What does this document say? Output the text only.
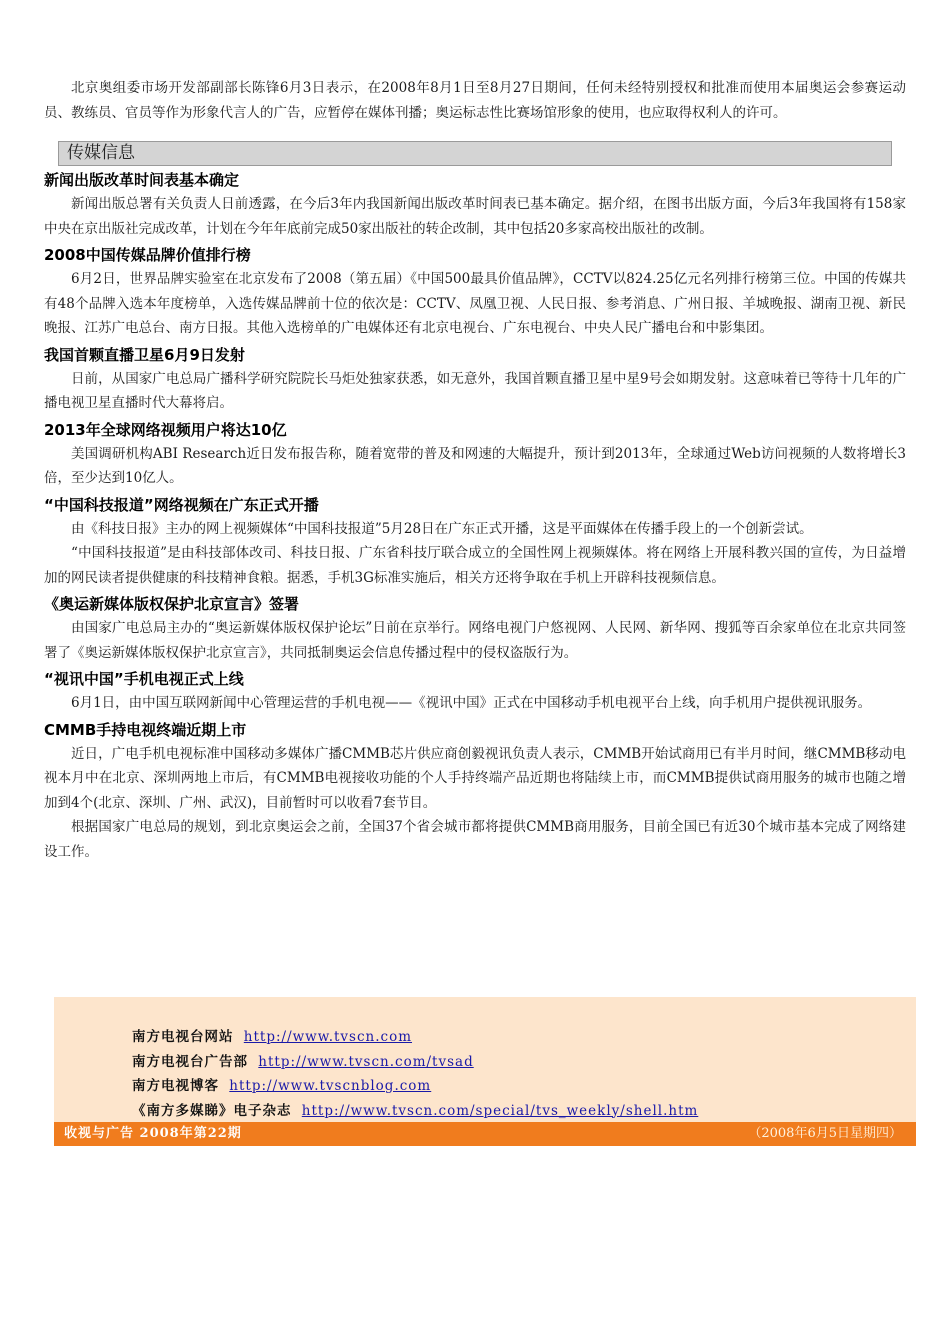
北京奥组委市场开发部副部长陈锋6月3日表示，在2008年8月1日至8月27日期间，任何未经特别授权和批准而使用本届奥运会参赛运动员、教练员、官员等作为形象代言人的广告，应暂停在媒体刊播；奥运标志性比赛场馆形象的使用，也应取得权利人的许可。

传媒信息
新闻出版改革时间表基本确定

新闻出版总署有关负责人日前透露，在今后3年内我国新闻出版改革时间表已基本确定。据介绍，在图书出版方面，今后3年我国将有158家中央在京出版社完成改革，计划在今年年底前完成50家出版社的转企改制，其中包括20多家高校出版社的改制。

2008中国传媒品牌价值排行榜

6月2日，世界品牌实验室在北京发布了2008（第五届）《中国500最具价值品牌》，CCTV以824.25亿元名列排行榜第三位。中国的传媒共有48个品牌入选本年度榜单，入选传媒品牌前十位的依次是：CCTV、凤凰卫视、人民日报、参考消息、广州日报、羊城晚报、湖南卫视、新民晚报、江苏广电总台、南方日报。其他入选榜单的广电媒体还有北京电视台、广东电视台、中央人民广播电台和中影集团。

我国首颗直播卫星6月9日发射

日前，从国家广电总局广播科学研究院院长马炬处独家获悉，如无意外，我国首颗直播卫星中星9号会如期发射。这意味着已等待十几年的广播电视卫星直播时代大幕将启。

2013年全球网络视频用户将达10亿

美国调研机构ABI Research近日发布报告称，随着宽带的普及和网速的大幅提升，预计到2013年，全球通过Web访问视频的人数将增长3倍，至少达到10亿人。

“中国科技报道”网络视频在广东正式开播

由《科技日报》主办的网上视频媒体“中国科技报道”5月28日在广东正式开播，这是平面媒体在传播手段上的一个创新尝试。

“中国科技报道”是由科技部体改司、科技日报、广东省科技厅联合成立的全国性网上视频媒体。将在网络上开展科教兴国的宣传，为日益增加的网民读者提供健康的科技精神食粮。据悉，手机3G标准实施后，相关方还将争取在手机上开辟科技视频信息。

《奥运新媒体版权保护北京宣言》签署

由国家广电总局主办的“奥运新媒体版权保护论坛”日前在京举行。网络电视门户悠视网、人民网、新华网、搜狐等百余家单位在北京共同签署了《奥运新媒体版权保护北京宣言》，共同抵制奥运会信息传播过程中的侵权盗版行为。

“视讯中国”手机电视正式上线

6月1日，由中国互联网新闻中心管理运营的手机电视——《视讯中国》正式在中国移动手机电视平台上线，向手机用户提供视讯服务。

CMMB手持电视终端近期上市

近日，广电手机电视标准中国移动多媒体广播CMMB芯片供应商创毅视讯负责人表示，CMMB开始试商用已有半月时间，继CMMB移动电视本月中在北京、深圳两地上市后，有CMMB电视接收功能的个人手持终端产品近期也将陆续上市，而CMMB提供试商用服务的城市也随之增加到4个(北京、深圳、广州、武汉)，目前暂时可以收看7套节目。

根据国家广电总局的规划，到北京奥运会之前，全国37个省会城市都将提供CMMB商用服务，目前全国已有近30个城市基本完成了网络建设工作。

南方电视台网站 http://www.tvscn.com
南方电视台广告部 http://www.tvscn.com/tvsad
南方电视博客 http://www.tvscnblog.com
《南方多媒睇》电子杂志 http://www.tvscn.com/special/tvs_weekly/shell.htm
收视与广告 2008年第22期	（2008年6月5日星期四）
